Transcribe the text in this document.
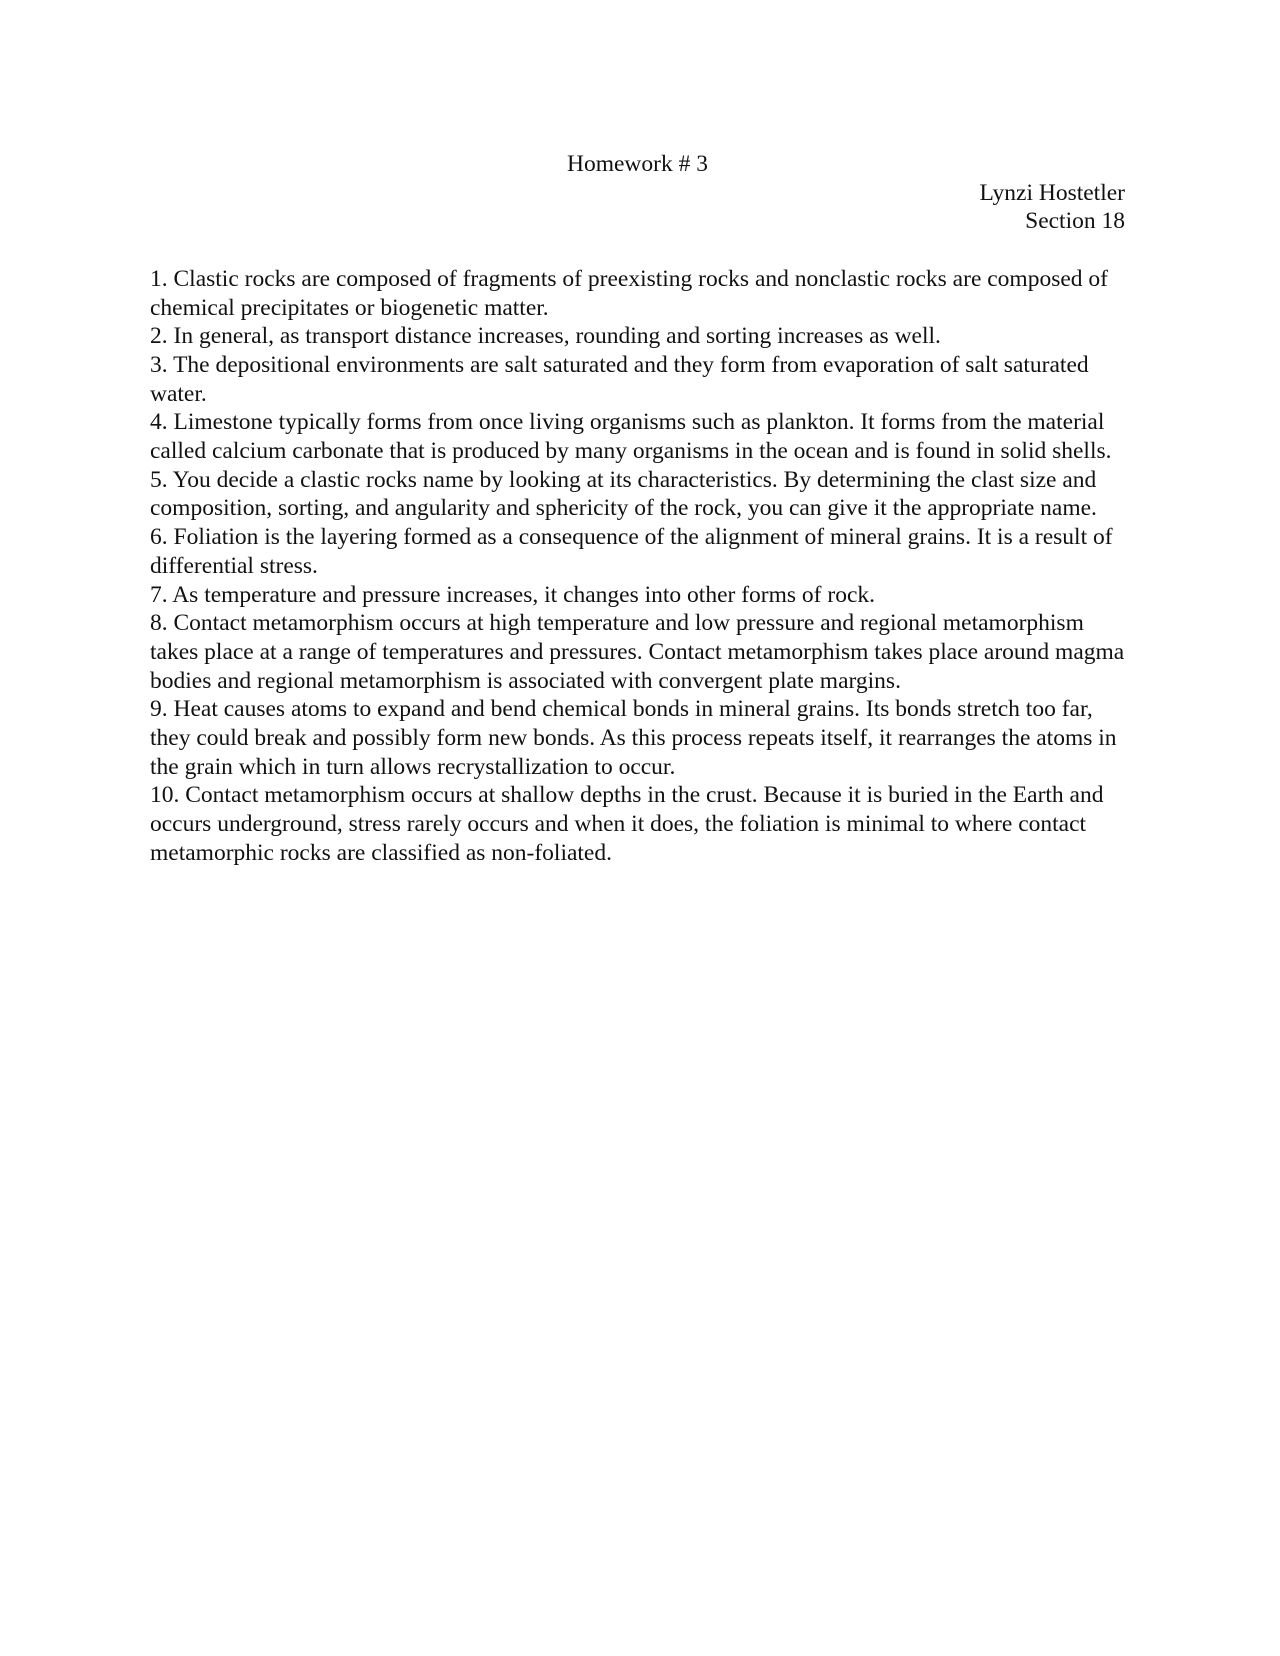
Homework # 3

Lynzi Hostetler

Section 18

1. Clastic rocks are composed of fragments of preexisting rocks and nonclastic rocks are composed of chemical precipitates or biogenetic matter.
2. In general, as transport distance increases, rounding and sorting increases as well.
3. The depositional environments are salt saturated and they form from evaporation of salt saturated water.
4. Limestone typically forms from once living organisms such as plankton. It forms from the material called calcium carbonate that is produced by many organisms in the ocean and is found in solid shells.
5. You decide a clastic rocks name by looking at its characteristics. By determining the clast size and composition, sorting, and angularity and sphericity of the rock, you can give it the appropriate name.
6. Foliation is the layering formed as a consequence of the alignment of mineral grains. It is a result of differential stress.
7. As temperature and pressure increases, it changes into other forms of rock.
8. Contact metamorphism occurs at high temperature and low pressure and regional metamorphism takes place at a range of temperatures and pressures. Contact metamorphism takes place around magma bodies and regional metamorphism is associated with convergent plate margins.
9. Heat causes atoms to expand and bend chemical bonds in mineral grains. Its bonds stretch too far, they could break and possibly form new bonds. As this process repeats itself, it rearranges the atoms in the grain which in turn allows recrystallization to occur.
10. Contact metamorphism occurs at shallow depths in the crust. Because it is buried in the Earth and occurs underground, stress rarely occurs and when it does, the foliation is minimal to where contact metamorphic rocks are classified as non-foliated.
